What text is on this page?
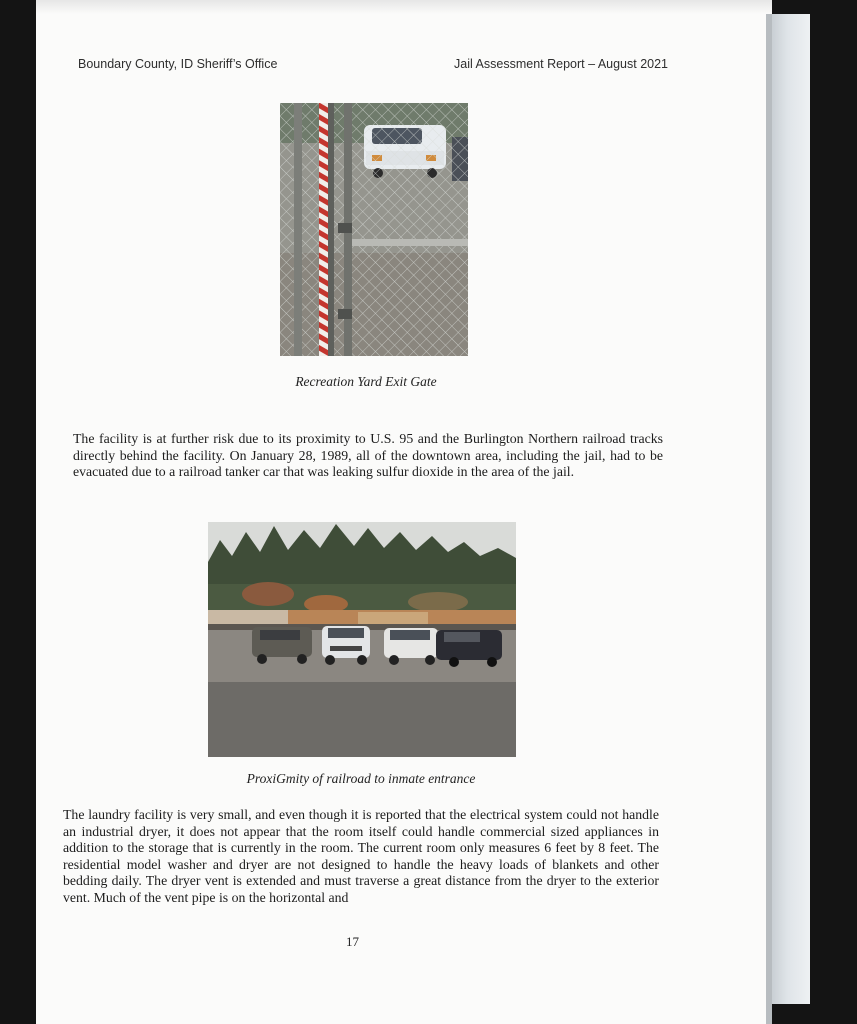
Boundary County, ID Sheriff’s Office	Jail Assessment Report – August 2021
Recreation Yard Exit Gate
The facility is at further risk due to its proximity to U.S. 95 and the Burlington Northern railroad tracks directly behind the facility. On January 28, 1989, all of the downtown area, including the jail, had to be evacuated due to a railroad tanker car that was leaking sulfur dioxide in the area of the jail.
ProxiGmity of railroad to inmate entrance
The laundry facility is very small, and even though it is reported that the electrical system could not handle an industrial dryer, it does not appear that the room itself could handle commercial sized appliances in addition to the storage that is currently in the room. The current room only measures 6 feet by 8 feet. The residential model washer and dryer are not designed to handle the heavy loads of blankets and other bedding daily. The dryer vent is extended and must traverse a great distance from the dryer to the exterior vent. Much of the vent pipe is on the horizontal and
17
